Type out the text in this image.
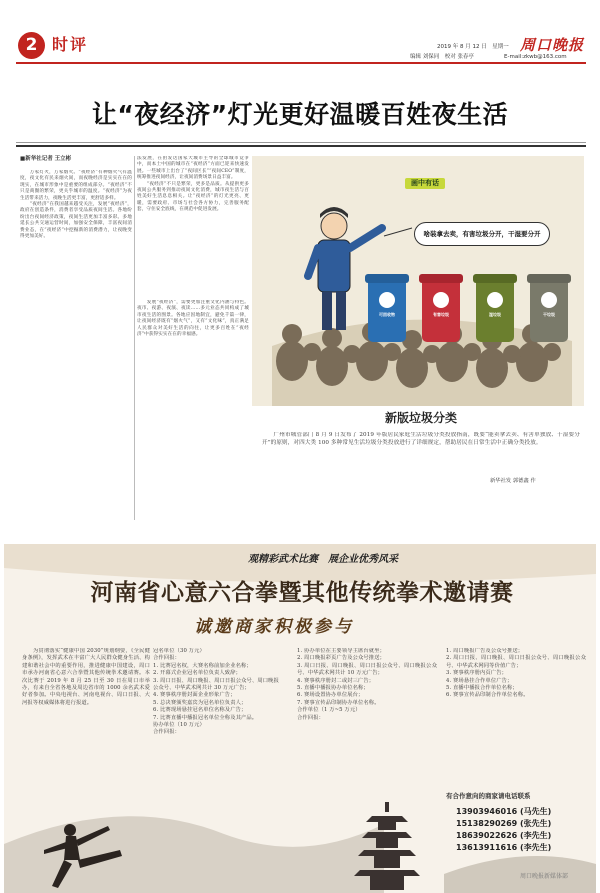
2 时评	2019 年 8 月 12 日　星期一 周口晚报
编辑 刘保同　校对 张春亭	E-mail:zkwb@163.com
让“夜经济”灯光更好温暖百姓夜生活
■新华社记者 王立彬
　　万家灯火，万家烟火。“夜经济”有种烟火气有温度，夜文化有民来烟火间，而夜晚经济是实实在在的现实，在城市形象中是重要的组成部分。“夜经济”不只是商圈的繁荣，更关乎城市的温度。“夜经济”为夜生活带来活力，夜晚生活更丰富，更舒适多样。
　　“夜经济”在我国越来越受关注，发展“夜经济”，政府在创造条件，消费者享受品质夜间生活。各地纷纷出台夜间经济政策，夜间生活更加丰富多彩。多地延长公共交通运营时间，加强安全保障，丰富夜间消费业态，在“夜经济”中挖掘新的消费潜力，让夜晚变得更加美好。
法发展，在由发达国家大城市主导的全球城市竞争中，而本土中国的城市在“夜经济”方面已迎来快速发展。一些城市上出台了“夜间区长”“夜间CEO”制度，统筹推进夜间经济，让夜间消费场景日益丰富。
　　“夜经济”不只是繁荣，更多是品质。从提供更多夜间公共服务到推动夜间文化消费，城市夜生活与百姓美好生活息息相关。让“夜经济”的灯光更亮、更暖，需要政府、市场与社会各方协力，完善服务配套，守住安全底线，在规范中促进发展。
　　发展“夜经济”，需要更加注重文化内涵与特色。夜市、夜游、夜演、夜读……多元业态共同构成了城市夜生活的图景。各地应因地制宜，避免千篇一律，让夜间经济既有“烟火气”，又有“文化味”，真正满足人民群众对美好生活的向往，让更多百姓在“夜经济”中获得实实在在的幸福感。
画中有话
啥装拿去卖，有害垃圾分开，干湿要分开
可回收物	有害垃圾	湿垃圾	干垃圾
新版垃圾分类
　　广州市城管部门 8 月 9 日发布了 2019 年版居民家庭生活垃圾分类投放指南，既要“能卖拿去卖、有害单独放、干湿要分开”的原则，对四大类 100 多种常见生活垃圾分类投放进行了详细规定，帮助居民在日常生活中正确分类投放。
新华社发 郭德鑫 作
观精彩武术比赛　展企业优秀风采
河南省心意六合拳暨其他传统拳术邀请赛
诚邀商家积极参与
　　为贯彻落实“健康中国 2030”规划纲要，《全民健身条例》，发挥武术在丰富广大人民群众健身生活、构建和谐社会中的重要作用，推进健康中国建设，周口市承办河南省心意六合拳暨其他传统拳术邀请赛。本次比赛于 2019 年 8 月 25 日至 30 日在周口市举办，有来自全省各地及周边省市的 1000 余名武术爱好者参加。中央电视台、河南电视台、周口日报、大河报等权威媒体将进行报道。
冠名单位（30 万元）
合作回报：
1. 比赛冠名权，大赛名称前加企业名称；
2. 开幕式企业冠名单位负责人致辞；
3. 周口日报、周口晚报、周口日报公众号、周口晚报公众号、中华武术网共计 30 万元广告；
4. 赛事秩序册封面企业形象广告；
5. 总决赛颁奖嘉宾为冠名单位负责人；
6. 比赛现场悬挂冠名单位名称及广告；
7. 比赛直播中播报冠名单位全称及其产品。
协办单位（10 万元）
合作回报：
1. 协办单位在主要领导主席台就坐；
2. 周口晚报彩页广告及公众号推送；
3. 周口日报、周口晚报、周口日报公众号、周口晚报公众号、中华武术网共计 10 万元广告；
4. 赛事秩序册封二或封三广告；
5. 直播中播报协办单位名称；
6. 赛场设置协办单位展台；
7. 赛事宣传品印制协办单位名称。
合作单位（1 万~5 万元）
合作回报：
1. 周口晚报广告及公众号推送；
2. 周口日报、周口晚报、周口日报公众号、周口晚报公众号、中华武术网同等价值广告；
3. 赛事秩序册内页广告；
4. 赛场悬挂合作单位广告；
5. 直播中播报合作单位名称；
6. 赛事宣传品印制合作单位名称。
有合作意向的商家请电话联系
13903946016 (马先生)
15138290269 (张先生)
18639022626 (李先生)
13613911616 (李先生)
周口晚报新媒体部
